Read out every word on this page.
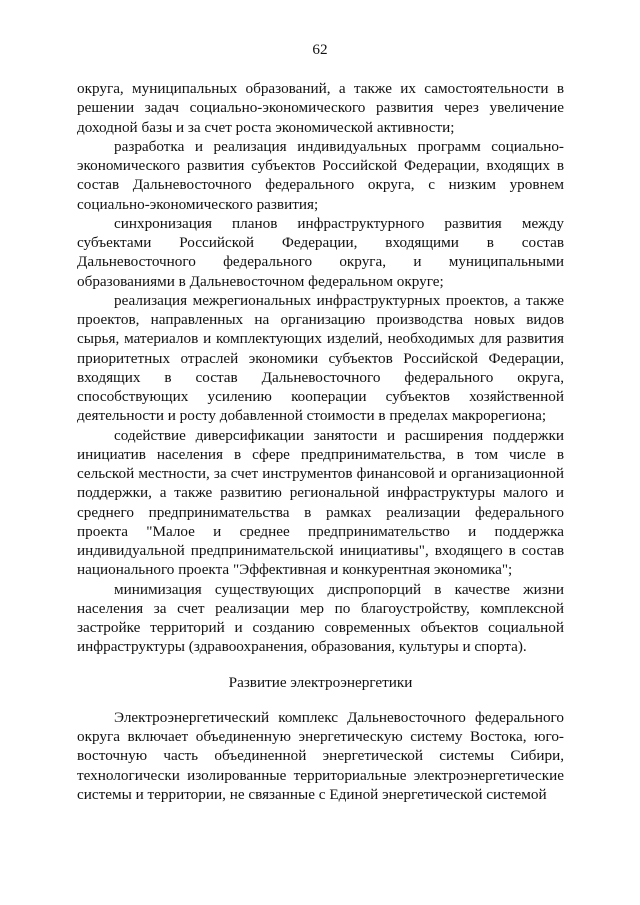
62

округа, муниципальных образований, а также их самостоятельности в решении задач социально-экономического развития через увеличение доходной базы и за счет роста экономической активности;

разработка и реализация индивидуальных программ социально-экономического развития субъектов Российской Федерации, входящих в состав Дальневосточного федерального округа, с низким уровнем социально-экономического развития;

синхронизация планов инфраструктурного развития между субъектами Российской Федерации, входящими в состав Дальневосточного федерального округа, и муниципальными образованиями в Дальневосточном федеральном округе;

реализация межрегиональных инфраструктурных проектов, а также проектов, направленных на организацию производства новых видов сырья, материалов и комплектующих изделий, необходимых для развития приоритетных отраслей экономики субъектов Российской Федерации, входящих в состав Дальневосточного федерального округа, способствующих усилению кооперации субъектов хозяйственной деятельности и росту добавленной стоимости в пределах макрорегиона;

содействие диверсификации занятости и расширения поддержки инициатив населения в сфере предпринимательства, в том числе в сельской местности, за счет инструментов финансовой и организационной поддержки, а также развитию региональной инфраструктуры малого и среднего предпринимательства в рамках реализации федерального проекта "Малое и среднее предпринимательство и поддержка индивидуальной предпринимательской инициативы", входящего в состав национального проекта "Эффективная и конкурентная экономика";

минимизация существующих диспропорций в качестве жизни населения за счет реализации мер по благоустройству, комплексной застройке территорий и созданию современных объектов социальной инфраструктуры (здравоохранения, образования, культуры и спорта).

Развитие электроэнергетики

Электроэнергетический комплекс Дальневосточного федерального округа включает объединенную энергетическую систему Востока, юго-восточную часть объединенной энергетической системы Сибири, технологически изолированные территориальные электроэнергетические системы и территории, не связанные с Единой энергетической системой
